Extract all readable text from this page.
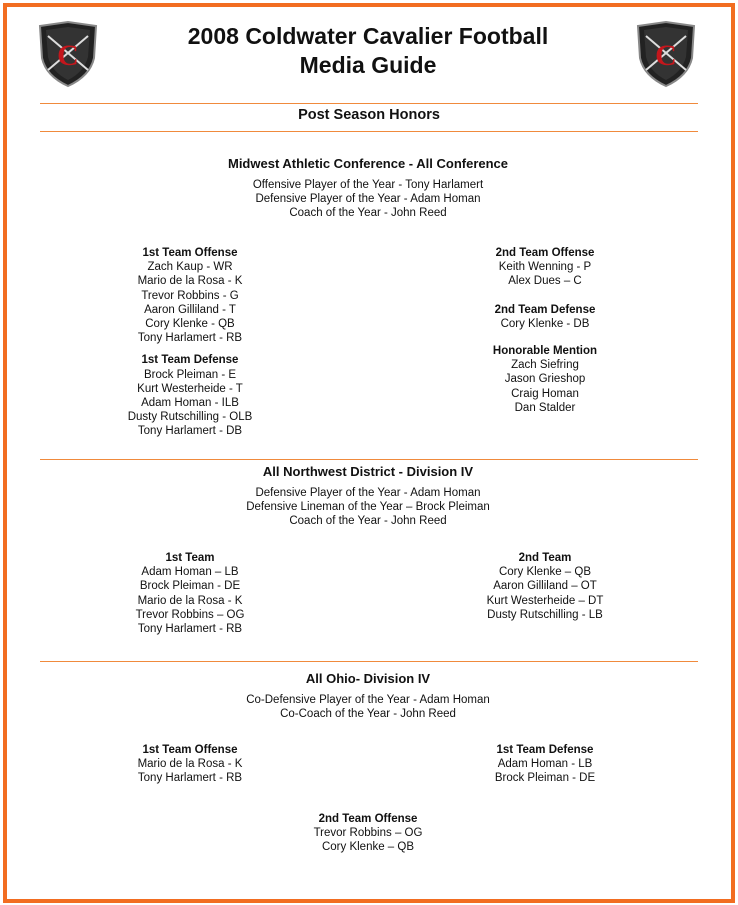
C	C
2008 Coldwater Cavalier Football
Media Guide
Post Season Honors
Midwest Athletic Conference - All Conference
Offensive Player of the Year - Tony Harlamert
Defensive Player of the Year - Adam Homan
Coach of the Year - John Reed
1st Team Offense
Zach Kaup - WR
Mario de la Rosa - K
Trevor Robbins - G
Aaron Gilliland - T
Cory Klenke - QB
Tony Harlamert - RB
1st Team Defense
Brock Pleiman - E
Kurt Westerheide - T
Adam Homan - ILB
Dusty Rutschilling - OLB
Tony Harlamert - DB
2nd Team Offense
Keith Wenning - P
Alex Dues – C
2nd Team Defense
Cory Klenke - DB
Honorable Mention
Zach Siefring
Jason Grieshop
Craig Homan
Dan Stalder
All Northwest District - Division IV
Defensive Player of the Year - Adam Homan
Defensive Lineman of the Year – Brock Pleiman
Coach of the Year - John Reed
1st Team
Adam Homan – LB
Brock Pleiman - DE
Mario de la Rosa - K
Trevor Robbins – OG
Tony Harlamert - RB
2nd Team
Cory Klenke – QB
Aaron Gilliland – OT
Kurt Westerheide – DT
Dusty Rutschilling - LB
All Ohio- Division IV
Co-Defensive Player of the Year - Adam Homan
Co-Coach of the Year - John Reed
1st Team Offense
Mario de la Rosa - K
Tony Harlamert - RB
1st Team Defense
Adam Homan - LB
Brock Pleiman - DE
2nd Team Offense
Trevor Robbins – OG
Cory Klenke – QB
